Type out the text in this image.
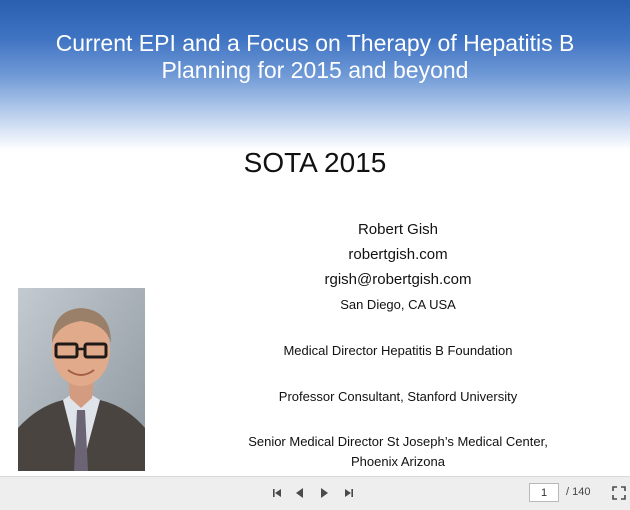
Current EPI and a Focus on Therapy of Hepatitis B
Planning for 2015 and beyond
SOTA 2015
Robert Gish
robertgish.com
rgish@robertgish.com
San Diego, CA USA
Medical Director Hepatitis B Foundation
Professor Consultant, Stanford University
Senior Medical Director St Joseph’s Medical Center,
Phoenix Arizona
1
/ 140
